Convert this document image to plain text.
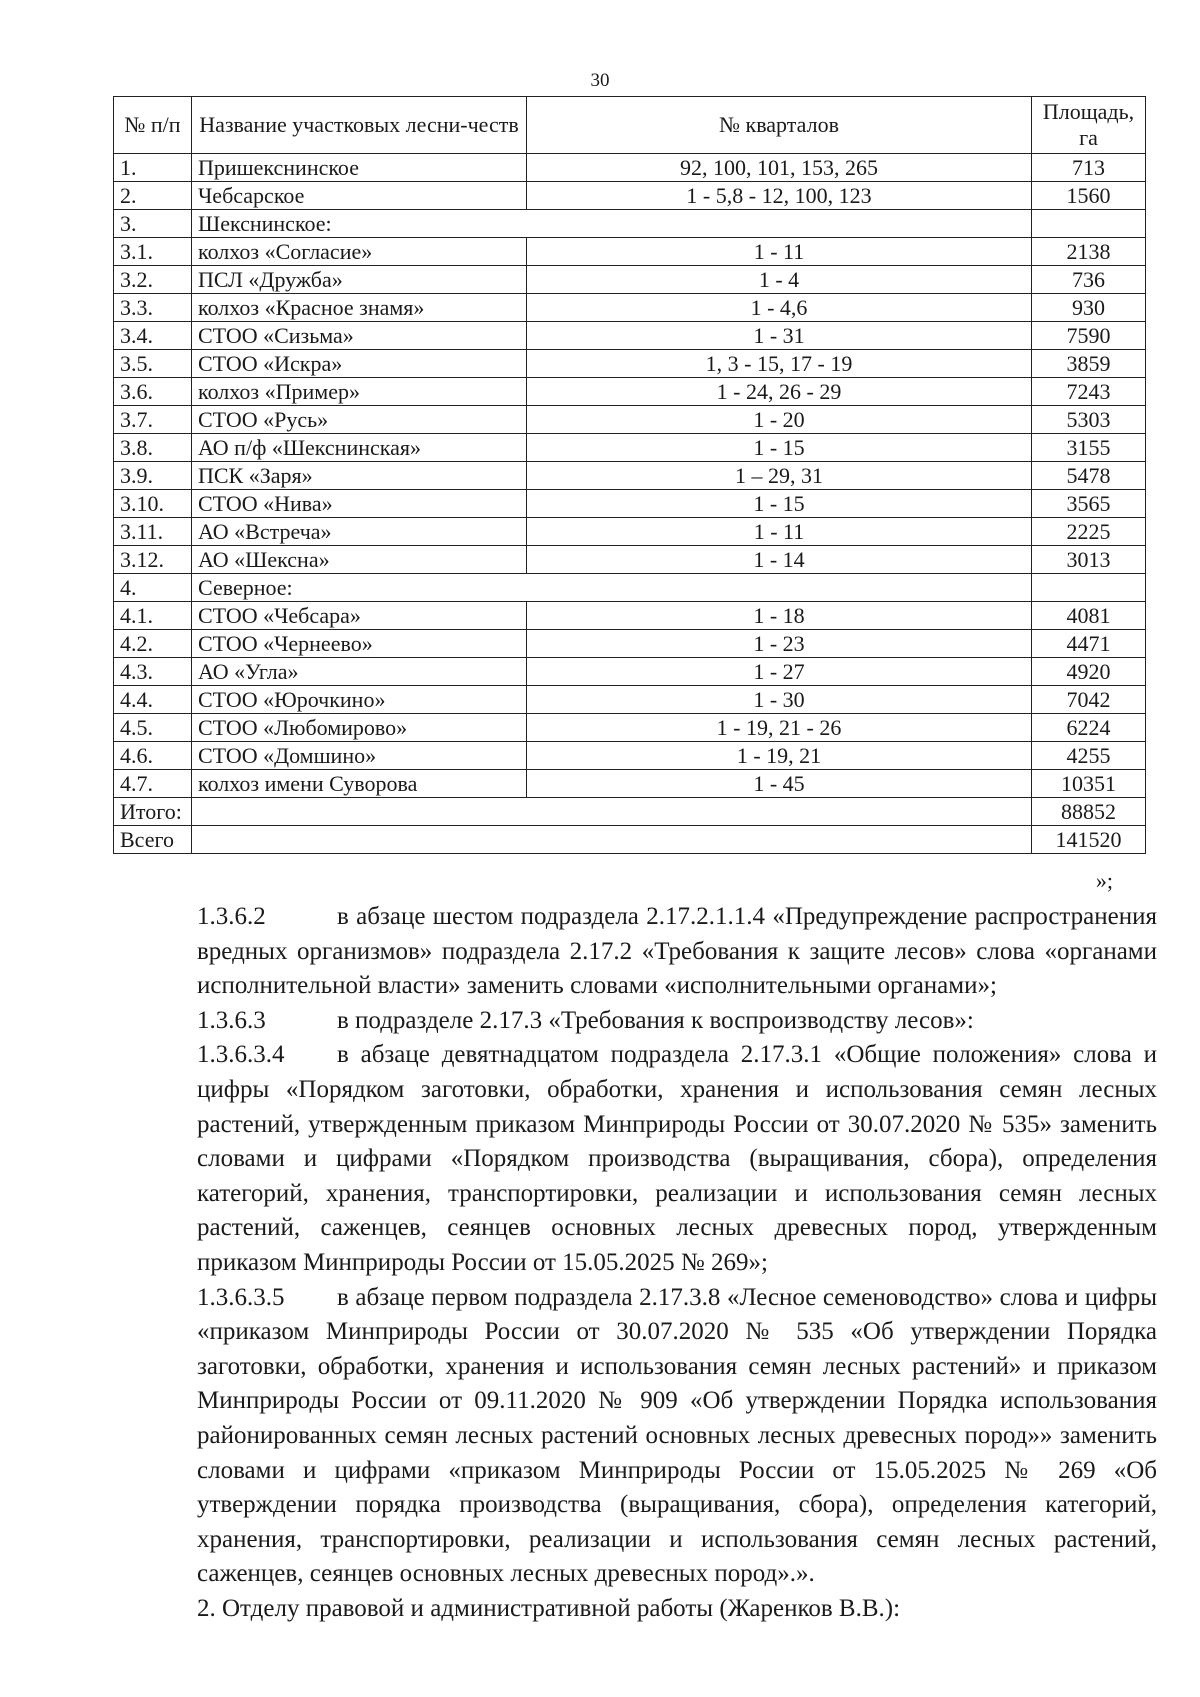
30
№ п/п	Название участковых лесни-честв	№ кварталов	Площадь, га
1.	Пришекснинское	92, 100, 101, 153, 265	713
2.	Чебсарское	1 - 5,8 - 12, 100, 123	1560
3.	Шекснинское:		
3.1.	колхоз «Согласие»	1 - 11	2138
3.2.	ПСЛ «Дружба»	1 - 4	736
3.3.	колхоз «Красное знамя»	1 - 4,6	930
3.4.	СТОО «Сизьма»	1 - 31	7590
3.5.	СТОО «Искра»	1, 3 - 15, 17 - 19	3859
3.6.	колхоз «Пример»	1 - 24, 26 - 29	7243
3.7.	СТОО «Русь»	1 - 20	5303
3.8.	АО п/ф «Шекснинская»	1 - 15	3155
3.9.	ПСК «Заря»	1 – 29, 31	5478
3.10.	СТОО «Нива»	1 - 15	3565
3.11.	АО «Встреча»	1 - 11	2225
3.12.	АО «Шексна»	1 - 14	3013
4.	Северное:		
4.1.	СТОО «Чебсара»	1 - 18	4081
4.2.	СТОО «Чернеево»	1 - 23	4471
4.3.	АО «Угла»	1 - 27	4920
4.4.	СТОО «Юрочкино»	1 - 30	7042
4.5.	СТОО «Любомирово»	1 - 19, 21 - 26	6224
4.6.	СТОО «Домшино»	1 - 19, 21	4255
4.7.	колхоз имени Суворова	1 - 45	10351
Итого:			88852
Всего			141520
»;

1.3.6.2	в абзаце шестом подраздела 2.17.2.1.1.4 «Предупреждение распространения вредных организмов» подраздела 2.17.2 «Требования к защите лесов» слова «органами исполнительной власти» заменить словами «исполнительными органами»;

1.3.6.3	в подразделе 2.17.3 «Требования к воспроизводству лесов»:

1.3.6.3.4 в абзаце девятнадцатом подраздела 2.17.3.1 «Общие положения» слова и цифры «Порядком заготовки, обработки, хранения и использования семян лесных растений, утвержденным приказом Минприроды России от 30.07.2020 № 535» заменить словами и цифрами «Порядком производства (выращивания, сбора), определения категорий, хранения, транспортировки, реализации и использования семян лесных растений, саженцев, сеянцев основных лесных древесных пород, утвержденным приказом Минприроды России от 15.05.2025 № 269»;

1.3.6.3.5 в абзаце первом подраздела 2.17.3.8 «Лесное семеноводство» слова и цифры «приказом Минприроды России от 30.07.2020 № 535 «Об утверждении Порядка заготовки, обработки, хранения и использования семян лесных растений» и приказом Минприроды России от 09.11.2020 № 909 «Об утверждении Порядка использования районированных семян лесных растений основных лесных древесных пород»» заменить словами и цифрами «приказом Минприроды России от 15.05.2025 № 269 «Об утверждении порядка производства (выращивания, сбора), определения категорий, хранения, транспортировки, реализации и использования семян лесных растений, саженцев, сеянцев основных лесных древесных пород».».

2. Отделу правовой и административной работы (Жаренков В.В.):
